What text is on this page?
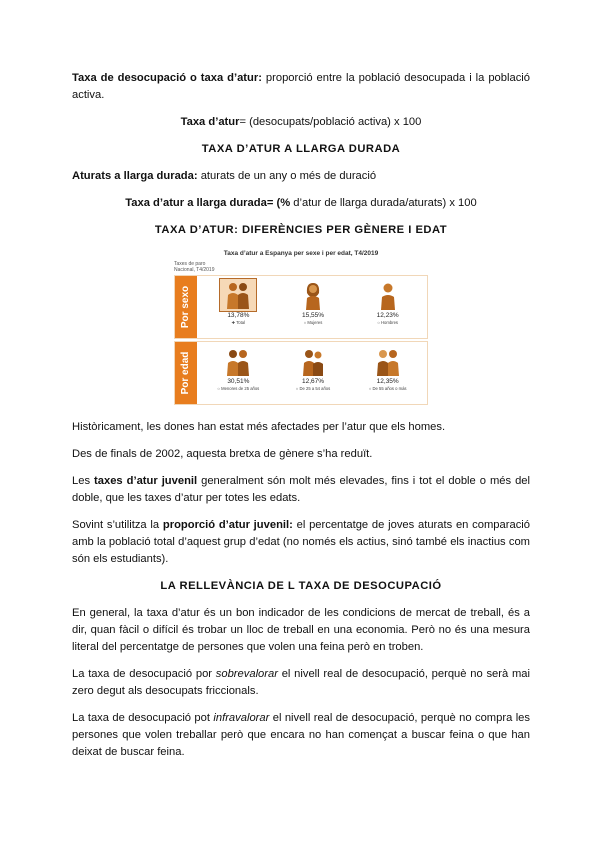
Taxa de desocupació o taxa d’atur: proporció entre la població desocupada i la població activa.

Taxa d’atur= (desocupats/població activa) x 100

TAXA D’ATUR A LLARGA DURADA

Aturats a llarga durada: aturats de un any o més de duració

Taxa d’atur a llarga durada= (% d’atur de llarga durada/aturats) x 100

TAXA D’ATUR: DIFERÈNCIES PER GÈNERE I EDAT

Taxa d’atur a Espanya per sexe i per edat, T4/2019
Taxes de paro
Nacional, T4/2019
Por sexo	13,78%
✚ Total
15,55%
○ Mujeres
12,23%
○ Hombres
Por edad	30,51%
○ Menores de 25 años
12,67%
○ De 25 a 54 años
12,35%
○ De 55 años o más

Històricament, les dones han estat més afectades per l’atur que els homes.

Des de finals de 2002, aquesta bretxa de gènere s’ha reduït.

Les taxes d’atur juvenil generalment són molt més elevades, fins i tot el doble o més del doble, que les taxes d’atur per totes les edats.

Sovint s’utilitza la proporció d’atur juvenil: el percentatge de joves aturats en comparació amb la població total d’aquest grup d’edat (no només els actius, sinó també els inactius com són els estudiants).

LA RELLEVÀNCIA DE L TAXA DE DESOCUPACIÓ

En general, la taxa d’atur és un bon indicador de les condicions de mercat de treball, és a dir, quan fàcil o difícil és trobar un lloc de treball en una economia. Però no és una mesura literal del percentatge de persones que volen una feina però en troben.

La taxa de desocupació por sobrevalorar el nivell real de desocupació, perquè no serà mai zero degut als desocupats friccionals.

La taxa de desocupació pot infravalorar el nivell real de desocupació, perquè no compra les persones que volen treballar però que encara no han començat a buscar feina o que han deixat de buscar feina.
